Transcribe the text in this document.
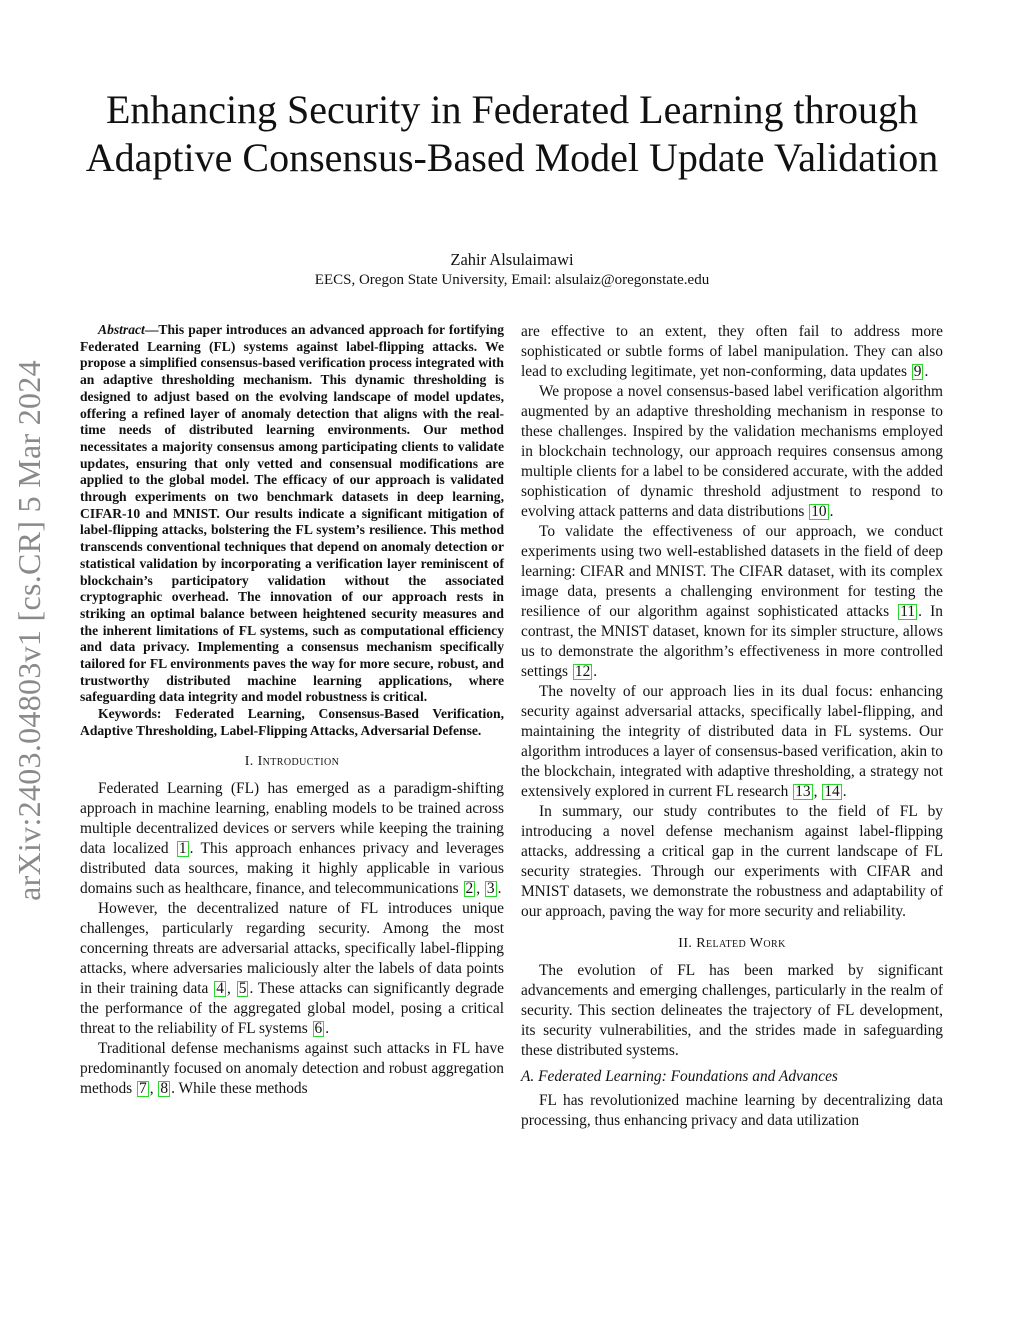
arXiv:2403.04803v1 [cs.CR] 5 Mar 2024
Enhancing Security in Federated Learning through Adaptive Consensus-Based Model Update Validation
Zahir Alsulaimawi
EECS, Oregon State University, Email: alsulaiz@oregonstate.edu

Abstract—This paper introduces an advanced approach for fortifying Federated Learning (FL) systems against label-flipping attacks. We propose a simplified consensus-based verification process integrated with an adaptive thresholding mechanism. This dynamic thresholding is designed to adjust based on the evolving landscape of model updates, offering a refined layer of anomaly detection that aligns with the real-time needs of distributed learning environments. Our method necessitates a majority consensus among participating clients to validate updates, ensuring that only vetted and consensual modifications are applied to the global model. The efficacy of our approach is validated through experiments on two benchmark datasets in deep learning, CIFAR-10 and MNIST. Our results indicate a significant mitigation of label-flipping attacks, bolstering the FL system’s resilience. This method transcends conventional techniques that depend on anomaly detection or statistical validation by incorporating a verification layer reminiscent of blockchain’s participatory validation without the associated cryptographic overhead. The innovation of our approach rests in striking an optimal balance between heightened security measures and the inherent limitations of FL systems, such as computational efficiency and data privacy. Implementing a consensus mechanism specifically tailored for FL environments paves the way for more secure, robust, and trustworthy distributed machine learning applications, where safeguarding data integrity and model robustness is critical.

Keywords: Federated Learning, Consensus-Based Verification, Adaptive Thresholding, Label-Flipping Attacks, Adversarial Defense.

I. Introduction

Federated Learning (FL) has emerged as a paradigm-shifting approach in machine learning, enabling models to be trained across multiple decentralized devices or servers while keeping the training data localized 1 . This approach enhances privacy and leverages distributed data sources, making it highly applicable in various domains such as healthcare, finance, and telecommunications 2 , 3 .

However, the decentralized nature of FL introduces unique challenges, particularly regarding security. Among the most concerning threats are adversarial attacks, specifically label-flipping attacks, where adversaries maliciously alter the labels of data points in their training data 4 , 5 . These attacks can significantly degrade the performance of the aggregated global model, posing a critical threat to the reliability of FL systems 6 .

Traditional defense mechanisms against such attacks in FL have predominantly focused on anomaly detection and robust aggregation methods 7 , 8 . While these methods

are effective to an extent, they often fail to address more sophisticated or subtle forms of label manipulation. They can also lead to excluding legitimate, yet non-conforming, data updates 9 .

We propose a novel consensus-based label verification algorithm augmented by an adaptive thresholding mechanism in response to these challenges. Inspired by the validation mechanisms employed in blockchain technology, our approach requires consensus among multiple clients for a label to be considered accurate, with the added sophistication of dynamic threshold adjustment to respond to evolving attack patterns and data distributions 10 .

To validate the effectiveness of our approach, we conduct experiments using two well-established datasets in the field of deep learning: CIFAR and MNIST. The CIFAR dataset, with its complex image data, presents a challenging environment for testing the resilience of our algorithm against sophisticated attacks 11 . In contrast, the MNIST dataset, known for its simpler structure, allows us to demonstrate the algorithm’s effectiveness in more controlled settings 12 .

The novelty of our approach lies in its dual focus: enhancing security against adversarial attacks, specifically label-flipping, and maintaining the integrity of distributed data in FL systems. Our algorithm introduces a layer of consensus-based verification, akin to the blockchain, integrated with adaptive thresholding, a strategy not extensively explored in current FL research 13 , 14 .

In summary, our study contributes to the field of FL by introducing a novel defense mechanism against label-flipping attacks, addressing a critical gap in the current landscape of FL security strategies. Through our experiments with CIFAR and MNIST datasets, we demonstrate the robustness and adaptability of our approach, paving the way for more security and reliability.

II. Related Work

The evolution of FL has been marked by significant advancements and emerging challenges, particularly in the realm of security. This section delineates the trajectory of FL development, its security vulnerabilities, and the strides made in safeguarding these distributed systems.

A. Federated Learning: Foundations and Advances

FL has revolutionized machine learning by decentralizing data processing, thus enhancing privacy and data utilization
